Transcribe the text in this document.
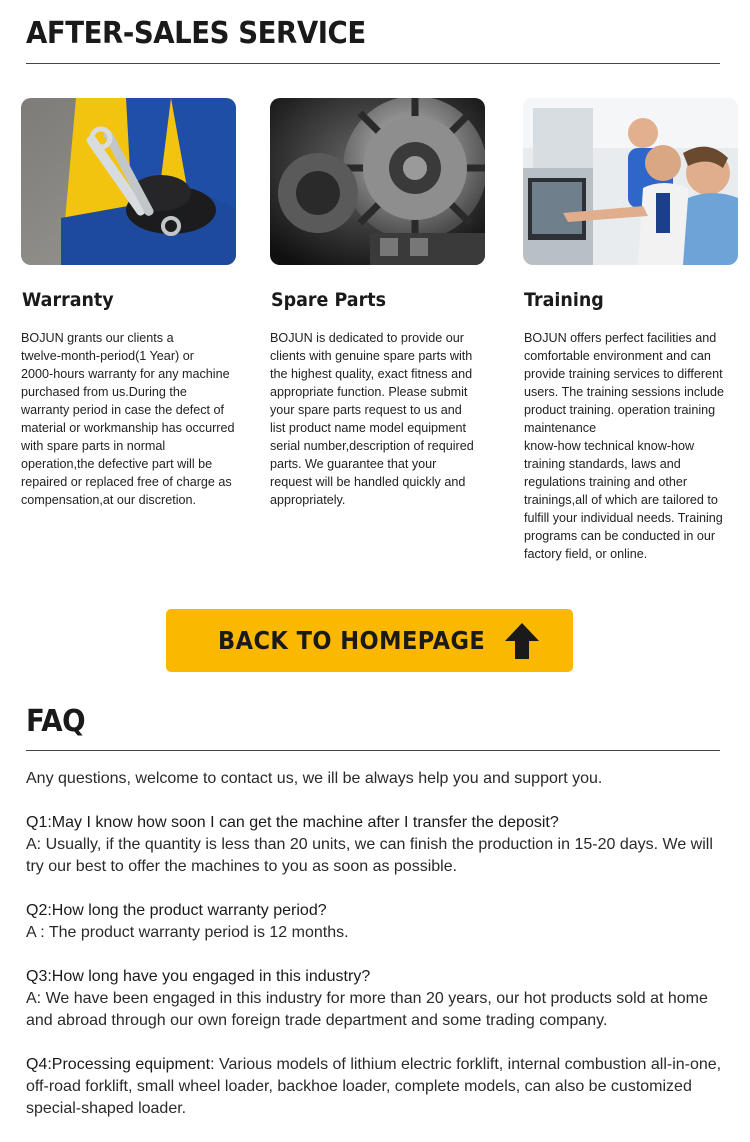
AFTER-SALES SERVICE
Warranty
BOJUN grants our clients a
twelve-month-period(1 Year) or
2000-hours warranty for any machine
purchased from us.During the
warranty period in case the defect of
material or workmanship has occurred
with spare parts in normal
operation,the defective part will be
repaired or replaced free of charge as
compensation,at our discretion.
Spare Parts
BOJUN is dedicated to provide our
clients with genuine spare parts with
the highest quality, exact fitness and
appropriate function. Please submit
your spare parts request to us and
list product name model equipment
serial number,description of required
parts. We guarantee that your
request will be handled quickly and
appropriately.
Training
BOJUN offers perfect facilities and
comfortable environment and can
provide training services to different
users. The training sessions include
product training. operation training
maintenance
know-how technical know-how
training standards, laws and
regulations training and other
trainings,all of which are tailored to
fulfill your individual needs. Training
programs can be conducted in our
factory field, or online.
BACK TO HOMEPAGE
FAQ
Any questions, welcome to contact us, we ill be always help you and support you.
Q1:May I know how soon I can get the machine after I transfer the deposit?
A: Usually, if the quantity is less than 20 units, we can finish the production in 15-20 days. We will try our best to offer the machines to you as soon as possible.
Q2:How long the product warranty period?
A : The product warranty period is 12 months.
Q3:How long have you engaged in this industry?
A: We have been engaged in this industry for more than 20 years, our hot products sold at home and abroad through our own foreign trade department and some trading company.
Q4:Processing equipment: Various models of lithium electric forklift, internal combustion all-in-one, off-road forklift, small wheel loader, backhoe loader, complete models, can also be customized special-shaped loader.
